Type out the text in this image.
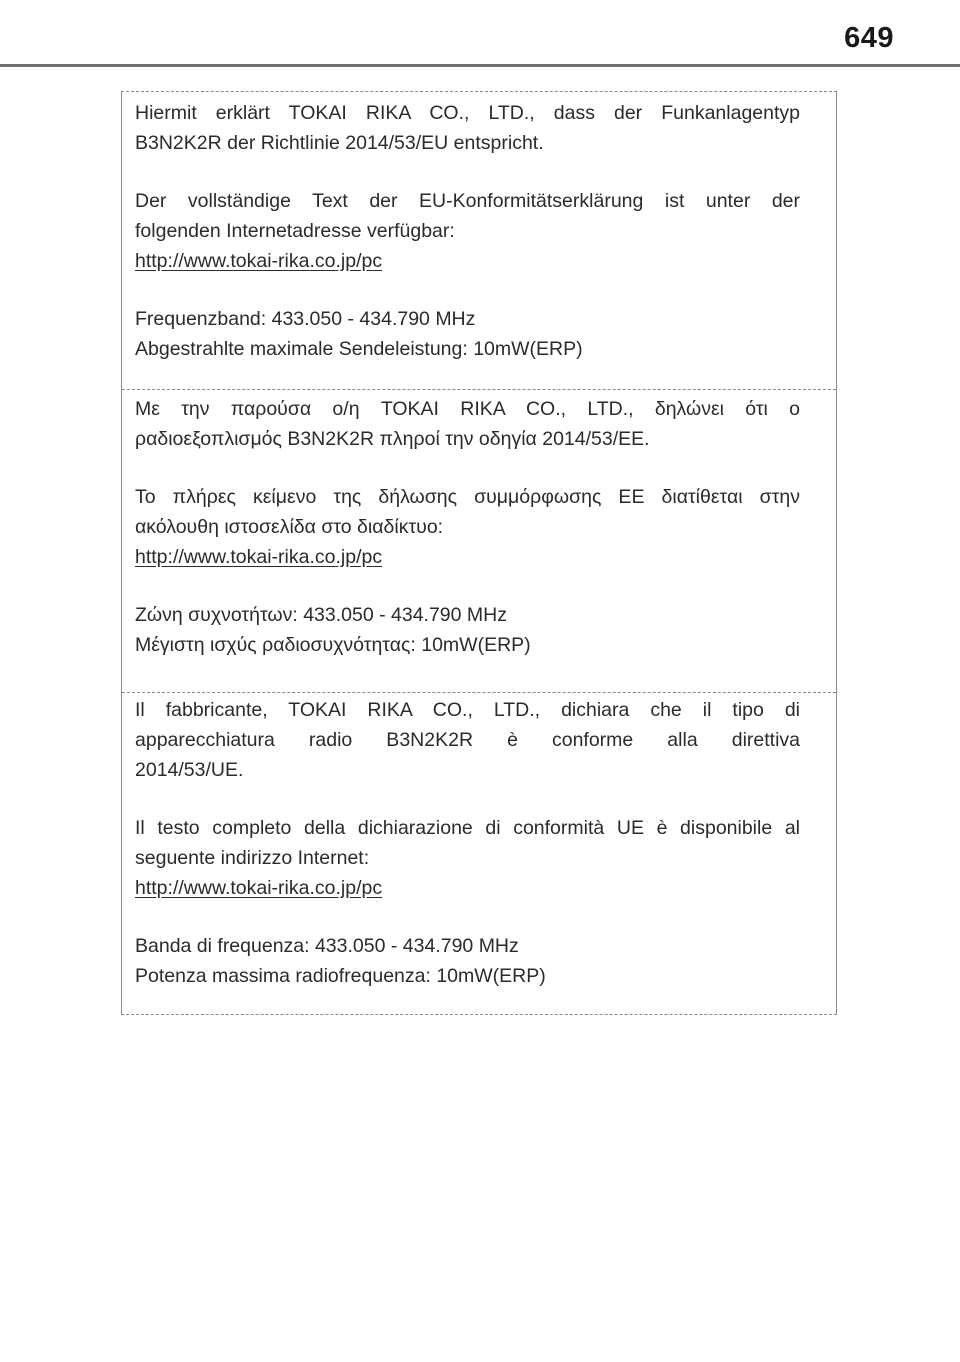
649

Hiermit erklärt TOKAI RIKA CO., LTD., dass der Funkanlagentyp

B3N2K2R der Richtlinie 2014/53/EU entspricht.

Der vollständige Text der EU-Konformitätserklärung ist unter der

folgenden Internetadresse verfügbar:

http://www.tokai-rika.co.jp/pc

Frequenzband: 433.050 - 434.790 MHz

Abgestrahlte maximale Sendeleistung: 10mW(ERP)

Με την παρούσα ο/η TOKAI RIKA CO., LTD., δηλώνει ότι ο

ραδιοεξοπλισμός B3N2K2R πληροί την οδηγία 2014/53/ΕΕ.

Το πλήρες κείμενο της δήλωσης συμμόρφωσης ΕΕ διατίθεται στην

ακόλουθη ιστοσελίδα στο διαδίκτυο:

http://www.tokai-rika.co.jp/pc

Ζώνη συχνοτήτων: 433.050 - 434.790 MHz

Μέγιστη ισχύς ραδιοσυχνότητας: 10mW(ERP)

Il fabbricante, TOKAI RIKA CO., LTD., dichiara che il tipo di

apparecchiatura radio B3N2K2R è conforme alla direttiva

2014/53/UE.

Il testo completo della dichiarazione di conformità UE è disponibile al

seguente indirizzo Internet:

http://www.tokai-rika.co.jp/pc

Banda di frequenza: 433.050 - 434.790 MHz

Potenza massima radiofrequenza: 10mW(ERP)
